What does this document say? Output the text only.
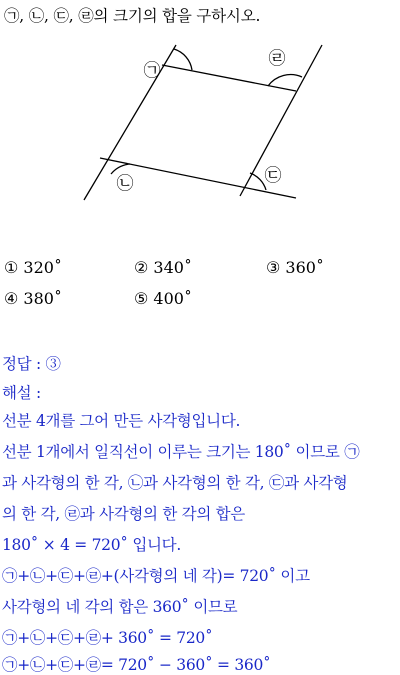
㉠, ㉡, ㉢, ㉣의 크기의 합을 구하시오.
㉠
㉣
㉡	㉢
① 320˚	② 340˚	③ 360˚
④ 380˚	⑤ 400˚
정답 : ③
해설 :
선분 4개를 그어 만든 사각형입니다.
선분 1개에서 일직선이 이루는 크기는 180˚ 이므로 ㉠
과 사각형의 한 각, ㉡과 사각형의 한 각, ㉢과 사각형
의 한 각, ㉣과 사각형의 한 각의 합은
180˚ × 4 = 720˚ 입니다.
㉠+㉡+㉢+㉣+(사각형의 네 각)= 720˚ 이고
사각형의 네 각의 합은 360˚ 이므로
㉠+㉡+㉢+㉣+ 360˚ = 720˚
㉠+㉡+㉢+㉣= 720˚ − 360˚ = 360˚
